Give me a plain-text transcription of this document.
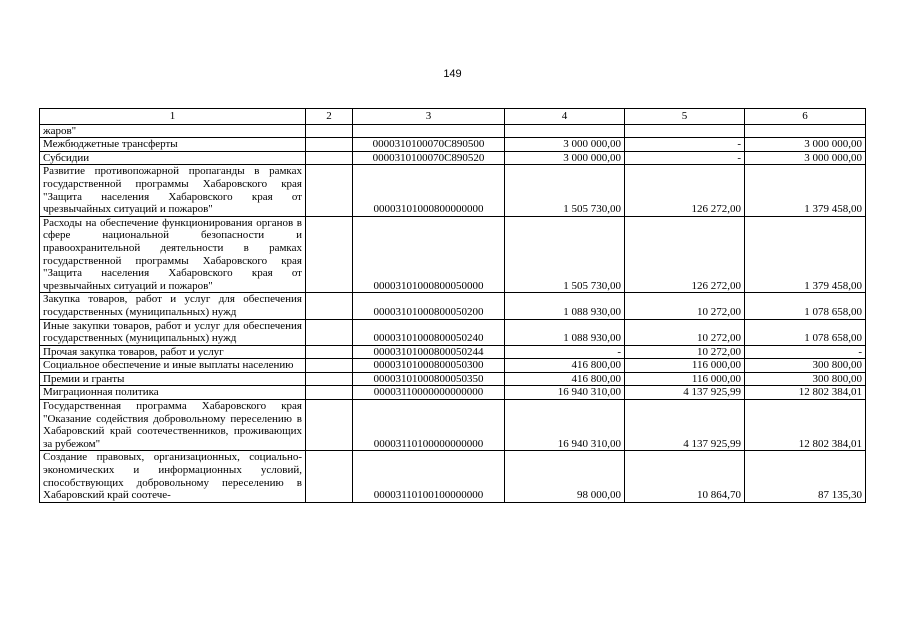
149
1	2	3	4	5	6
жаров"					
Межбюджетные трансферты		0000310100070C890500	3 000 000,00	-	3 000 000,00
Субсидии		0000310100070C890520	3 000 000,00	-	3 000 000,00
Развитие противопожарной пропаганды в рамках государственной программы Хабаровского края "Защита населения Хабаровского края от чрезвычайных ситуаций и пожаров"		00003101000800000000	1 505 730,00	126 272,00	1 379 458,00
Расходы на обеспечение функционирования органов в сфере национальной безопасности и правоохранительной деятельности в рамках государственной программы Хабаровского края "Защита населения Хабаровского края от чрезвычайных ситуаций и пожаров"		00003101000800050000	1 505 730,00	126 272,00	1 379 458,00
Закупка товаров, работ и услуг для обеспечения государственных (муниципальных) нужд		00003101000800050200	1 088 930,00	10 272,00	1 078 658,00
Иные закупки товаров, работ и услуг для обеспечения государственных (муниципальных) нужд		00003101000800050240	1 088 930,00	10 272,00	1 078 658,00
Прочая закупка товаров, работ и услуг		00003101000800050244	-	10 272,00	-
Социальное обеспечение и иные выплаты населению		00003101000800050300	416 800,00	116 000,00	300 800,00
Премии и гранты		00003101000800050350	416 800,00	116 000,00	300 800,00
Миграционная политика		00003110000000000000	16 940 310,00	4 137 925,99	12 802 384,01
Государственная программа Хабаровского края "Оказание содействия добровольному переселению в Хабаровский край соотечественников, проживающих за рубежом"		00003110100000000000	16 940 310,00	4 137 925,99	12 802 384,01
Создание правовых, организационных, социально-экономических и информационных условий, способствующих добровольному переселению в Хабаровский край соотече-		00003110100100000000	98 000,00	10 864,70	87 135,30
